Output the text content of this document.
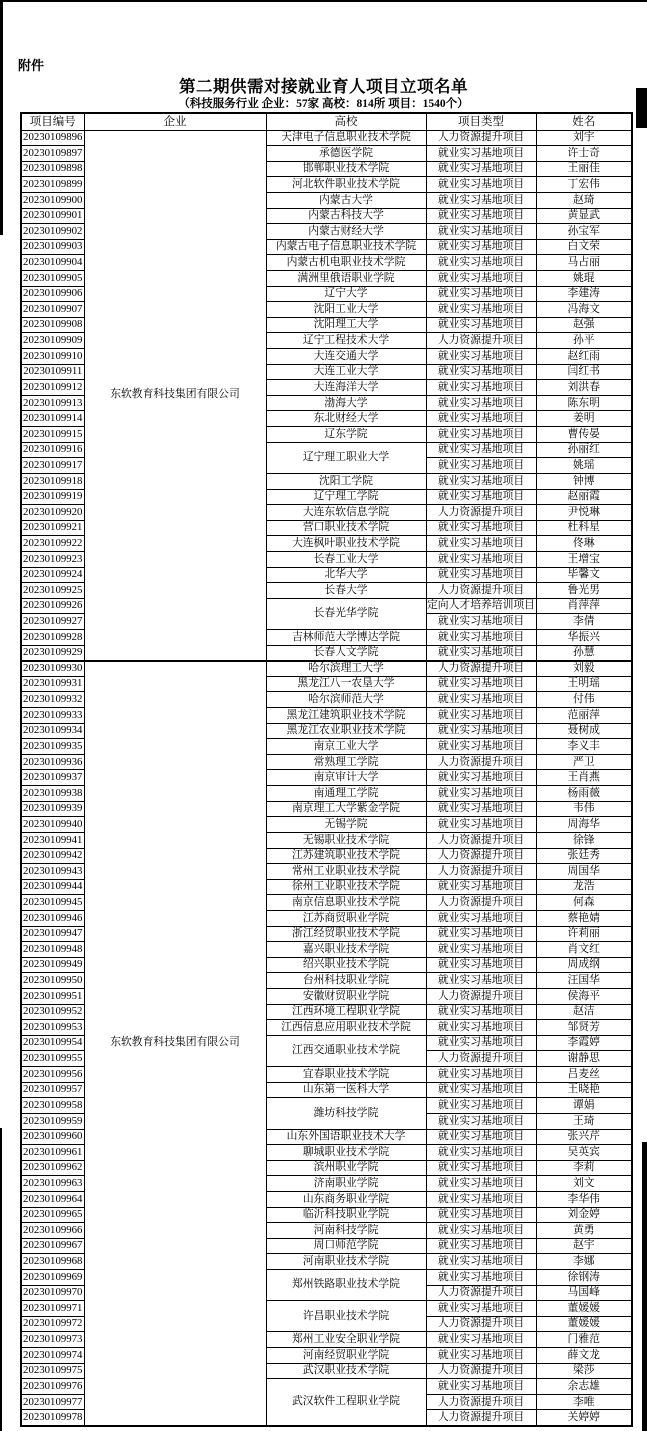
附件
第二期供需对接就业育人项目立项名单
（科技服务行业 企业：57家 高校：814所 项目：1540个）
项目编号	企业	高校	项目类型	姓名
20230109896	东软教育科技集团有限公司	天津电子信息职业技术学院	人力资源提升项目	刘宇
20230109897		承德医学院	就业实习基地项目	许士奇
20230109898		邯郸职业技术学院	就业实习基地项目	王丽佳
20230109899		河北软件职业技术学院	就业实习基地项目	丁宏伟
20230109900		内蒙古大学	就业实习基地项目	赵琦
20230109901		内蒙古科技大学	就业实习基地项目	黄显武
20230109902		内蒙古财经大学	就业实习基地项目	孙宝军
20230109903		内蒙古电子信息职业技术学院	就业实习基地项目	白文荣
20230109904		内蒙古机电职业技术学院	就业实习基地项目	马占丽
20230109905		满洲里俄语职业学院	就业实习基地项目	姚琨
20230109906		辽宁大学	就业实习基地项目	李建涛
20230109907		沈阳工业大学	就业实习基地项目	冯海文
20230109908		沈阳理工大学	就业实习基地项目	赵强
20230109909		辽宁工程技术大学	人力资源提升项目	孙平
20230109910		大连交通大学	就业实习基地项目	赵红雨
20230109911		大连工业大学	就业实习基地项目	闫红书
20230109912		大连海洋大学	就业实习基地项目	刘洪春
20230109913		渤海大学	就业实习基地项目	陈东明
20230109914		东北财经大学	就业实习基地项目	姜明
20230109915		辽东学院	就业实习基地项目	曹传晏
20230109916		辽宁理工职业大学	就业实习基地项目	孙丽红
20230109917			就业实习基地项目	姚瑶
20230109918		沈阳工学院	就业实习基地项目	钟博
20230109919		辽宁理工学院	就业实习基地项目	赵丽霞
20230109920		大连东软信息学院	人力资源提升项目	尹悦琳
20230109921		营口职业技术学院	就业实习基地项目	杜科星
20230109922		大连枫叶职业技术学院	就业实习基地项目	佟琳
20230109923		长春工业大学	就业实习基地项目	王增宝
20230109924		北华大学	就业实习基地项目	毕馨文
20230109925		长春大学	人力资源提升项目	鲁光男
20230109926		长春光华学院	定向人才培养培训项目	肖萍萍
20230109927			就业实习基地项目	李倩
20230109928		吉林师范大学博达学院	就业实习基地项目	华振兴
20230109929		长春人文学院	就业实习基地项目	孙慧
20230109930	东软教育科技集团有限公司	哈尔滨理工大学	人力资源提升项目	刘毅
20230109931		黑龙江八一农垦大学	就业实习基地项目	王明瑶
20230109932		哈尔滨师范大学	就业实习基地项目	付伟
20230109933		黑龙江建筑职业技术学院	就业实习基地项目	范丽萍
20230109934		黑龙江农业职业技术学院	就业实习基地项目	聂树成
20230109935		南京工业大学	就业实习基地项目	李义丰
20230109936		常熟理工学院	人力资源提升项目	严卫
20230109937		南京审计大学	就业实习基地项目	王肖燕
20230109938		南通理工学院	就业实习基地项目	杨雨薇
20230109939		南京理工大学紫金学院	就业实习基地项目	韦伟
20230109940		无锡学院	就业实习基地项目	周海华
20230109941		无锡职业技术学院	人力资源提升项目	徐锋
20230109942		江苏建筑职业技术学院	人力资源提升项目	张廷秀
20230109943		常州工业职业技术学院	人力资源提升项目	周国华
20230109944		徐州工业职业技术学院	就业实习基地项目	龙浩
20230109945		南京信息职业技术学院	人力资源提升项目	何森
20230109946		江苏商贸职业学院	就业实习基地项目	蔡艳婧
20230109947		浙江经贸职业技术学院	就业实习基地项目	许莉丽
20230109948		嘉兴职业技术学院	就业实习基地项目	肖文红
20230109949		绍兴职业技术学院	就业实习基地项目	周成纲
20230109950		台州科技职业学院	就业实习基地项目	汪国华
20230109951		安徽财贸职业学院	人力资源提升项目	侯海平
20230109952		江西环境工程职业学院	就业实习基地项目	赵洁
20230109953		江西信息应用职业技术学院	就业实习基地项目	邹贤芳
20230109954		江西交通职业技术学院	就业实习基地项目	李霞婷
20230109955			人力资源提升项目	谢静思
20230109956		宜春职业技术学院	就业实习基地项目	吕麦丝
20230109957		山东第一医科大学	就业实习基地项目	王晓艳
20230109958		潍坊科技学院	就业实习基地项目	谭娟
20230109959			就业实习基地项目	王琦
20230109960		山东外国语职业技术大学	就业实习基地项目	张兴芹
20230109961		聊城职业技术学院	就业实习基地项目	吴英宾
20230109962		滨州职业学院	就业实习基地项目	李莉
20230109963		济南职业学院	就业实习基地项目	刘文
20230109964		山东商务职业学院	就业实习基地项目	李华伟
20230109965		临沂科技职业学院	就业实习基地项目	刘金婷
20230109966		河南科技学院	就业实习基地项目	黄勇
20230109967		周口师范学院	就业实习基地项目	赵宇
20230109968		河南职业技术学院	就业实习基地项目	李娜
20230109969		郑州铁路职业技术学院	就业实习基地项目	徐钢涛
20230109970			人力资源提升项目	马国峰
20230109971		许昌职业技术学院	就业实习基地项目	董媛媛
20230109972			人力资源提升项目	董媛媛
20230109973		郑州工业安全职业学院	就业实习基地项目	门雅范
20230109974		河南经贸职业学院	就业实习基地项目	薛文龙
20230109975		武汉职业技术学院	人力资源提升项目	梁莎
20230109976		武汉软件工程职业学院	就业实习基地项目	余志雄
20230109977			人力资源提升项目	李唯
20230109978			人力资源提升项目	关婷婷
